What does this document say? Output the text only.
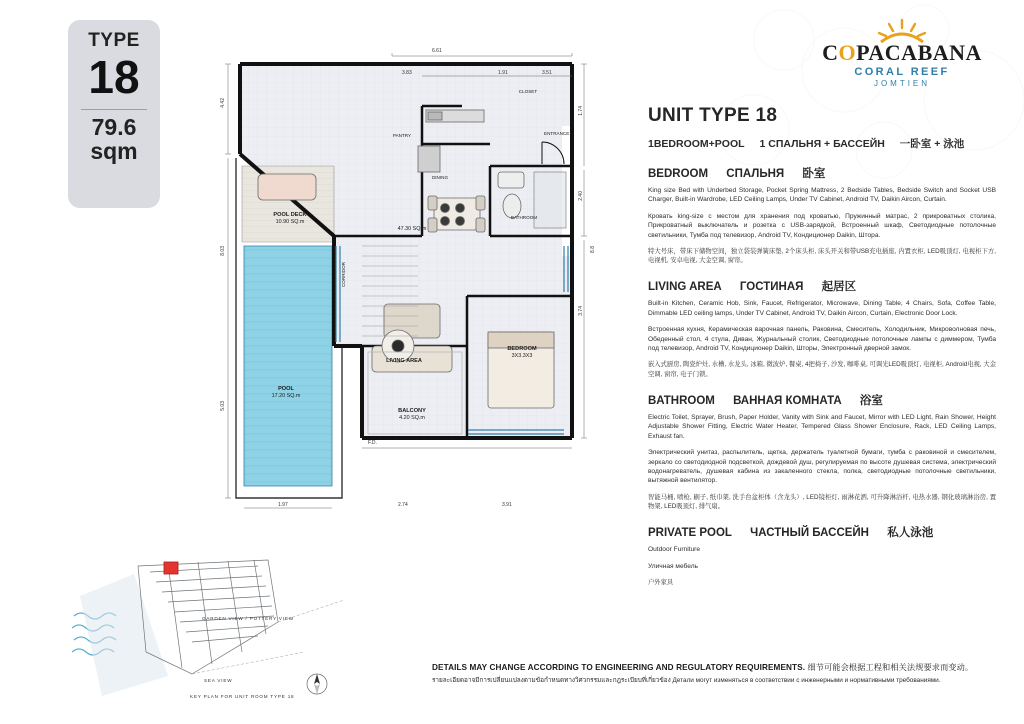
TYPE
18
79.6
sqm
COPACABANA
CORAL REEF
JOMTIEN
UNIT TYPE 18
1BEDROOM+POOL 1 СПАЛЬНЯ + БАССЕЙН 一卧室 + 泳池
BEDROOM СПАЛЬНЯ 卧室

King size Bed with Underbed Storage, Pocket Spring Mattress, 2 Bedside Tables, Bedside Switch and Socket USB Charger, Built-in Wardrobe, LED Ceiling Lamps, Under TV Cabinet, Android TV, Daikin Aircon, Curtain.

Кровать king-size с местом для хранения под кроватью, Пружинный матрас, 2 прикроватных столика, Прикроватный выключатель и розетка с USB-зарядкой, Встроенный шкаф, Светодиодные потолочные светильники, Тумба под телевизор, Android TV, Кондиционер Daikin, Штора.

特大号床，带床下储物空间，独立袋装弹簧床垫, 2个床头柜, 床头开关和带USB充电插座, 内置衣柜, LED吸顶灯, 电视柜下方, 电视机, 安卓电视, 大金空调, 窗帘。

LIVING AREA ГОСТИНАЯ 起居区

Built-in Kitchen, Ceramic Hob, Sink, Faucet, Refrigerator, Microwave, Dining Table, 4 Chairs, Sofa, Coffee Table, Dimmable LED ceiling lamps, Under TV Cabinet, Android TV, Daikin Aircon, Curtain, Electronic Door Lock.

Встроенная кухня, Керамическая варочная панель, Раковина, Смеситель, Холодильник, Микроволновая печь, Обеденный стол, 4 стула, Диван, Журнальный столик, Светодиодные потолочные лампы с диммером, Тумба под телевизор, Android TV, Кондиционер Daikin, Шторы, Электронный дверной замок.

嵌入式厨房, 陶瓷炉灶, 水槽, 水龙头, 冰箱, 微波炉, 餐桌, 4把椅子, 沙发, 咖啡桌, 可调光LED吸顶灯, 电视柜, Android电视, 大金空调, 窗帘, 电子门锁。

BATHROOM ВАННАЯ КОМНАТА 浴室

Electric Toilet, Sprayer, Brush, Paper Holder, Vanity with Sink and Faucet, Mirror with LED Light, Rain Shower, Height Adjustable Shower Fitting, Electric Water Heater, Tempered Glass Shower Enclosure, Rack, LED Ceiling Lamps, Exhaust fan.

Электрический унитаз, распылитель, щетка, держатель туалетной бумаги, тумба с раковиной и смесителем, зеркало со светодиодной подсветкой, дождевой душ, регулируемая по высоте душевая система, электрический водонагреватель, душевая кабина из закаленного стекла, полка, светодиодные потолочные светильники, вытяжной вентилятор.

智能马桶, 喷枪, 刷子, 纸巾架, 洗手台盆柜体（含龙头）, LED镜柜灯, 雨淋花洒, 可升降淋浴杆, 电热水器, 钢化玻璃淋浴房, 置物架, LED吸顶灯, 排气扇。

PRIVATE POOL ЧАСТНЫЙ БАССЕЙН 私人泳池

Outdoor Furniture

Уличная мебель

户外家具

3.83
6.61
1.91	3.51
4.42
8.03
5.03
1.74
2.40
3.74
8.8
1.97	2.74	3.91
POOL DECK
10.90 SQ.m
POOL
17.20 SQ.m
47.30 SQ.m
LIVING AREA
BEDROOM
3X3.3X3
BALCONY
4.20 SQ.m
BATHROOM
PANTRY
DINING
ENTRANCE
CLOSET
CORRIDOR
F.D.
GARDEN VIEW / POTTERY VIEW
SEA VIEW
KEY PLAN FOR UNIT ROOM TYPE 18
DETAILS MAY CHANGE ACCORDING TO ENGINEERING AND REGULATORY REQUIREMENTS. 细节可能会根据工程和相关法规要求而变动。
รายละเอียดอาจมีการเปลี่ยนแปลงตามข้อกำหนดทางวิศวกรรมและกฎระเบียบที่เกี่ยวข้อง Детали могут изменяться в соответствии с инженерными и нормативными требованиями.
